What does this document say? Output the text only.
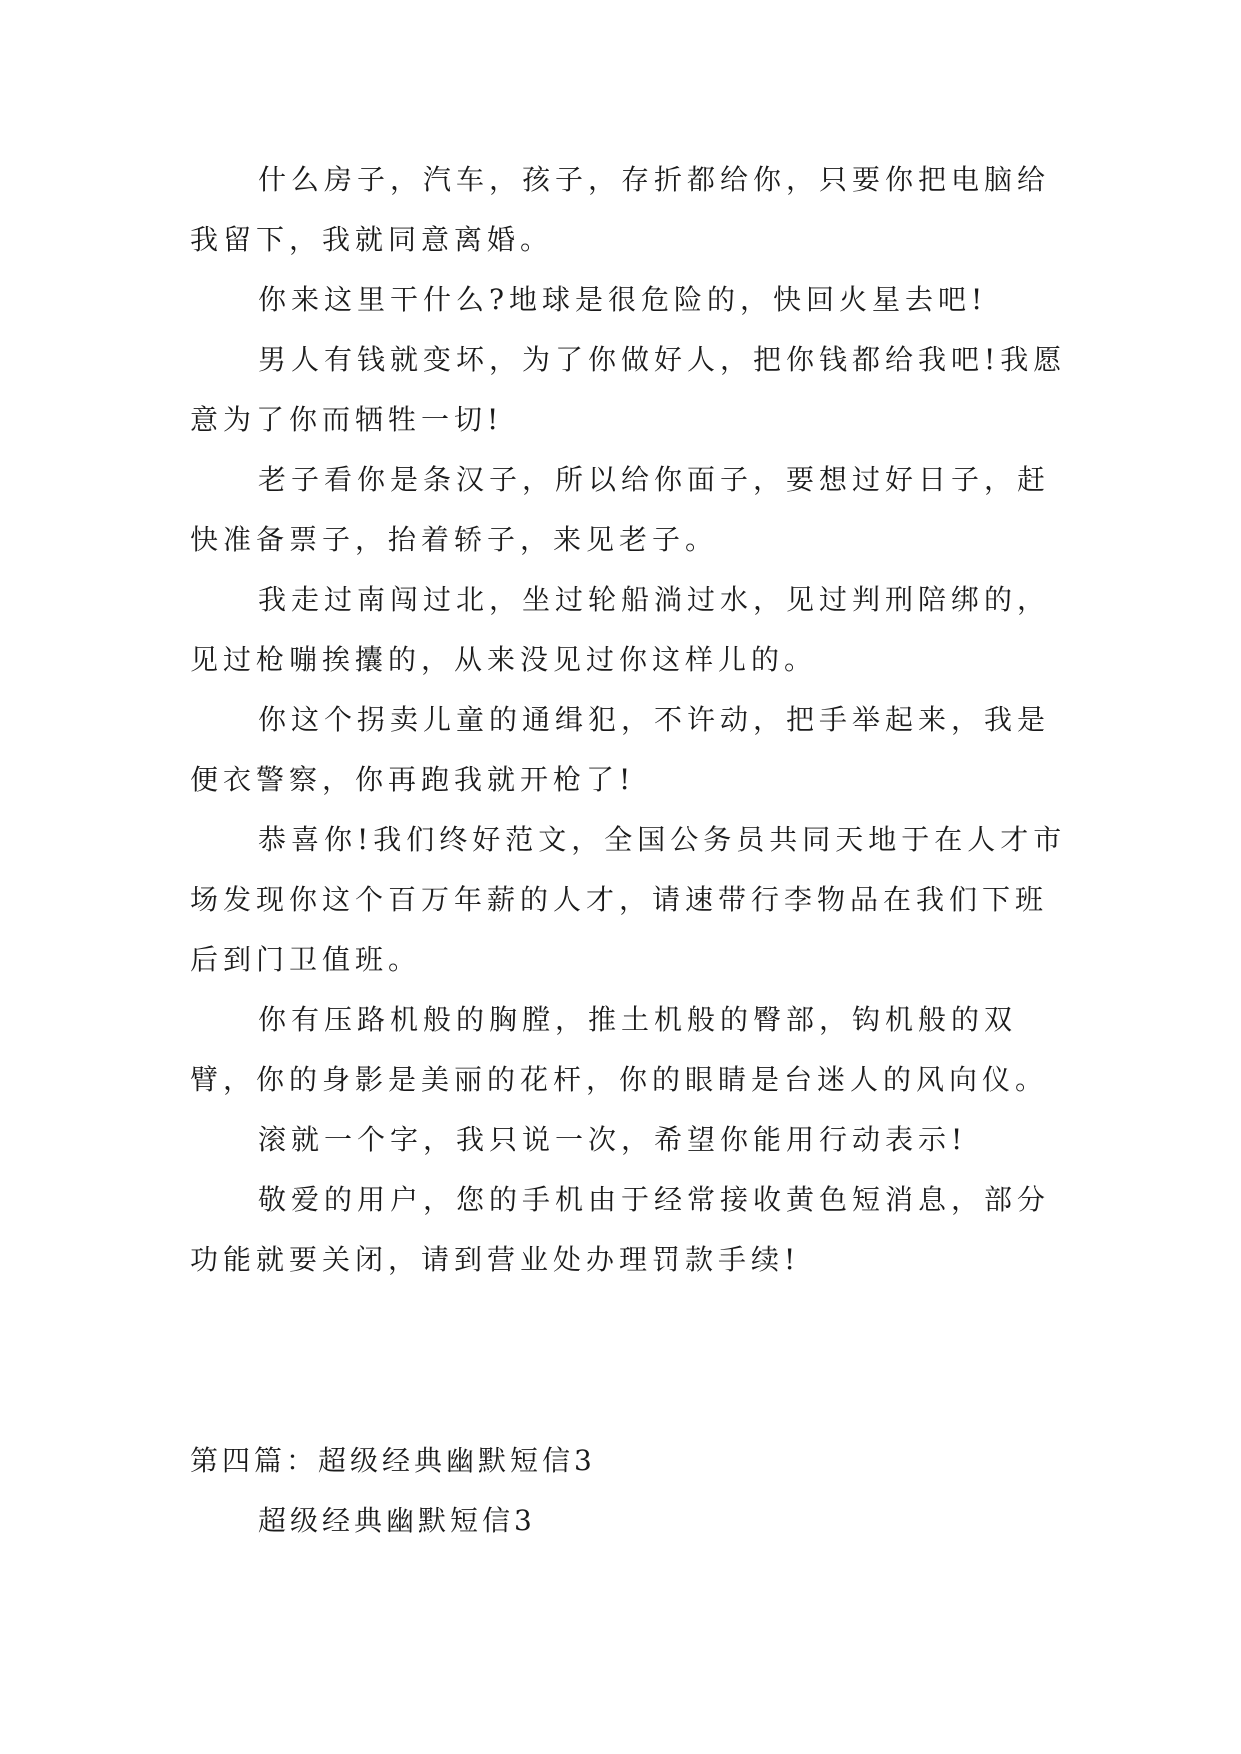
什么房子，汽车，孩子，存折都给你，只要你把电脑给我留下，我就同意离婚。

你来这里干什么?地球是很危险的，快回火星去吧!

男人有钱就变坏，为了你做好人，把你钱都给我吧!我愿意为了你而牺牲一切!

老子看你是条汉子，所以给你面子，要想过好日子，赶快准备票子，抬着轿子，来见老子。

我走过南闯过北，坐过轮船淌过水，见过判刑陪绑的，见过枪嘣挨攮的，从来没见过你这样儿的。

你这个拐卖儿童的通缉犯，不许动，把手举起来，我是便衣警察，你再跑我就开枪了!

恭喜你!我们终好范文，全国公务员共同天地于在人才市场发现你这个百万年薪的人才，请速带行李物品在我们下班后到门卫值班。

你有压路机般的胸膛，推土机般的臀部，钩机般的双臂，你的身影是美丽的花杆，你的眼睛是台迷人的风向仪。

滚就一个字，我只说一次，希望你能用行动表示!

敬爱的用户，您的手机由于经常接收黄色短消息，部分功能就要关闭，请到营业处办理罚款手续!

第四篇：超级经典幽默短信3
超级经典幽默短信3
